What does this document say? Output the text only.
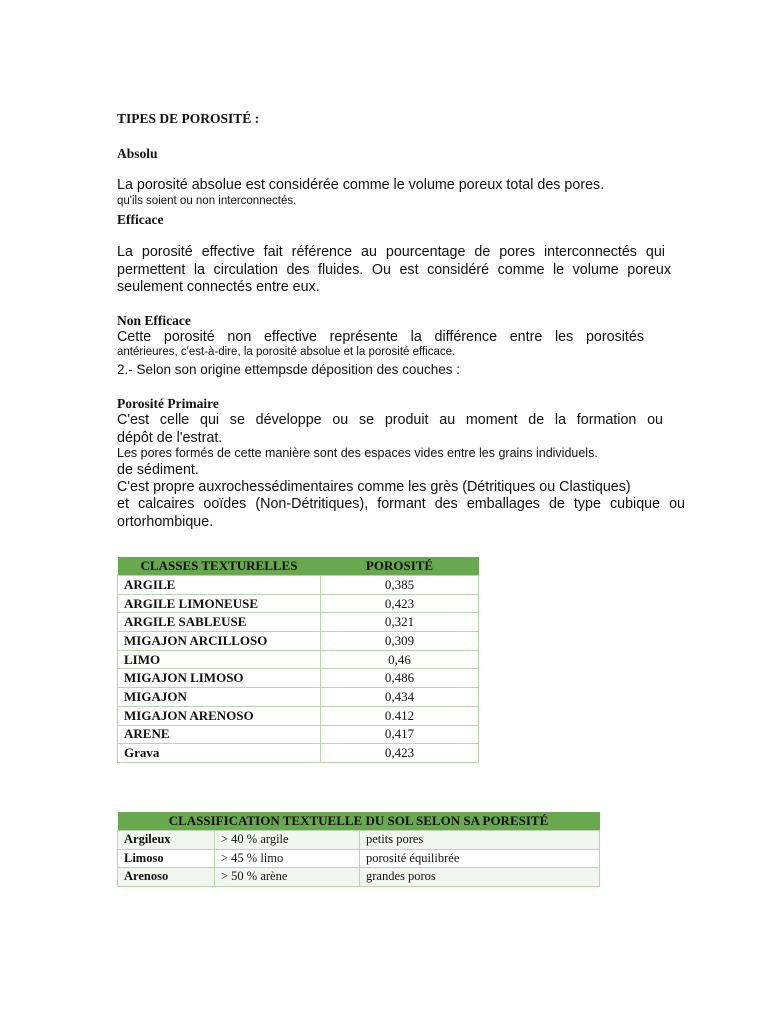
TIPES DE POROSITÉ :
Absolu
La porosité absolue est considérée comme le volume poreux total des pores.
qu'ils soient ou non interconnectés.
Efficace
La porosité effective fait référence au pourcentage de pores interconnectés qui
permettent la circulation des fluides. Ou est considéré comme le volume poreux
seulement connectés entre eux.
Non Efficace
Cette porosité non effective représente la différence entre les porosités
antérieures, c'est-à-dire, la porosité absolue et la porosité efficace.
2.- Selon son origine ettempsde déposition des couches :
Porosité Primaire
C'est celle qui se développe ou se produit au moment de la formation ou
dépôt de l'estrat.
Les pores formés de cette manière sont des espaces vides entre les grains individuels.
de sédiment.
C'est propre auxrochessédimentaires comme les grès (Détritiques ou Clastiques)
et calcaires ooïdes (Non-Détritiques), formant des emballages de type cubique ou
ortorhombique.
CLASSES TEXTURELLES	POROSITÉ
ARGILE	0,385
ARGILE LIMONEUSE	0,423
ARGILE SABLEUSE	0,321
MIGAJON ARCILLOSO	0,309
LIMO	0,46
MIGAJON LIMOSO	0,486
MIGAJON	0,434
MIGAJON ARENOSO	0.412
ARENE	0,417
Grava	0,423
CLASSIFICATION TEXTUELLE DU SOL SELON SA PORESITÉ		
Argileux	> 40 % argile	petits pores
Limoso	> 45 % limo	porosité équilibrée
Arenoso	> 50 % arène	grandes poros
